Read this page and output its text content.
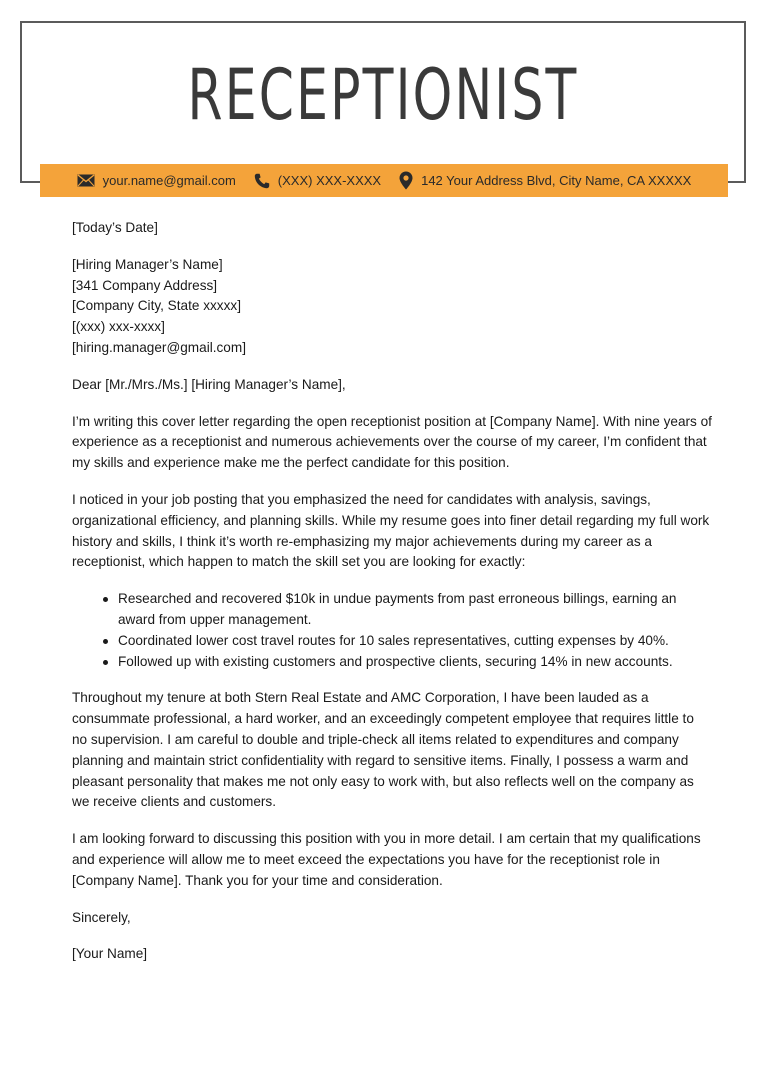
RECEPTIONIST
your.name@gmail.com	(XXX) XXX-XXXX	142 Your Address Blvd, City Name, CA XXXXX

[Today’s Date]

[Hiring Manager’s Name]
[341 Company Address]
[Company City, State xxxxx]
[(xxx) xxx-xxxx]
[hiring.manager@gmail.com]

Dear [Mr./Mrs./Ms.] [Hiring Manager’s Name],

I’m writing this cover letter regarding the open receptionist position at [Company Name]. With nine years of experience as a receptionist and numerous achievements over the course of my career, I’m confident that my skills and experience make me the perfect candidate for this position.

I noticed in your job posting that you emphasized the need for candidates with analysis, savings, organizational efficiency, and planning skills. While my resume goes into finer detail regarding my full work history and skills, I think it’s worth re-emphasizing my major achievements during my career as a receptionist, which happen to match the skill set you are looking for exactly:

Researched and recovered $10k in undue payments from past erroneous billings, earning an award from upper management.
Coordinated lower cost travel routes for 10 sales representatives, cutting expenses by 40%.
Followed up with existing customers and prospective clients, securing 14% in new accounts.

Throughout my tenure at both Stern Real Estate and AMC Corporation, I have been lauded as a consummate professional, a hard worker, and an exceedingly competent employee that requires little to no supervision. I am careful to double and triple-check all items related to expenditures and company planning and maintain strict confidentiality with regard to sensitive items. Finally, I possess a warm and pleasant personality that makes me not only easy to work with, but also reflects well on the company as we receive clients and customers.

I am looking forward to discussing this position with you in more detail. I am certain that my qualifications and experience will allow me to meet exceed the expectations you have for the receptionist role in [Company Name]. Thank you for your time and consideration.

Sincerely,

[Your Name]
